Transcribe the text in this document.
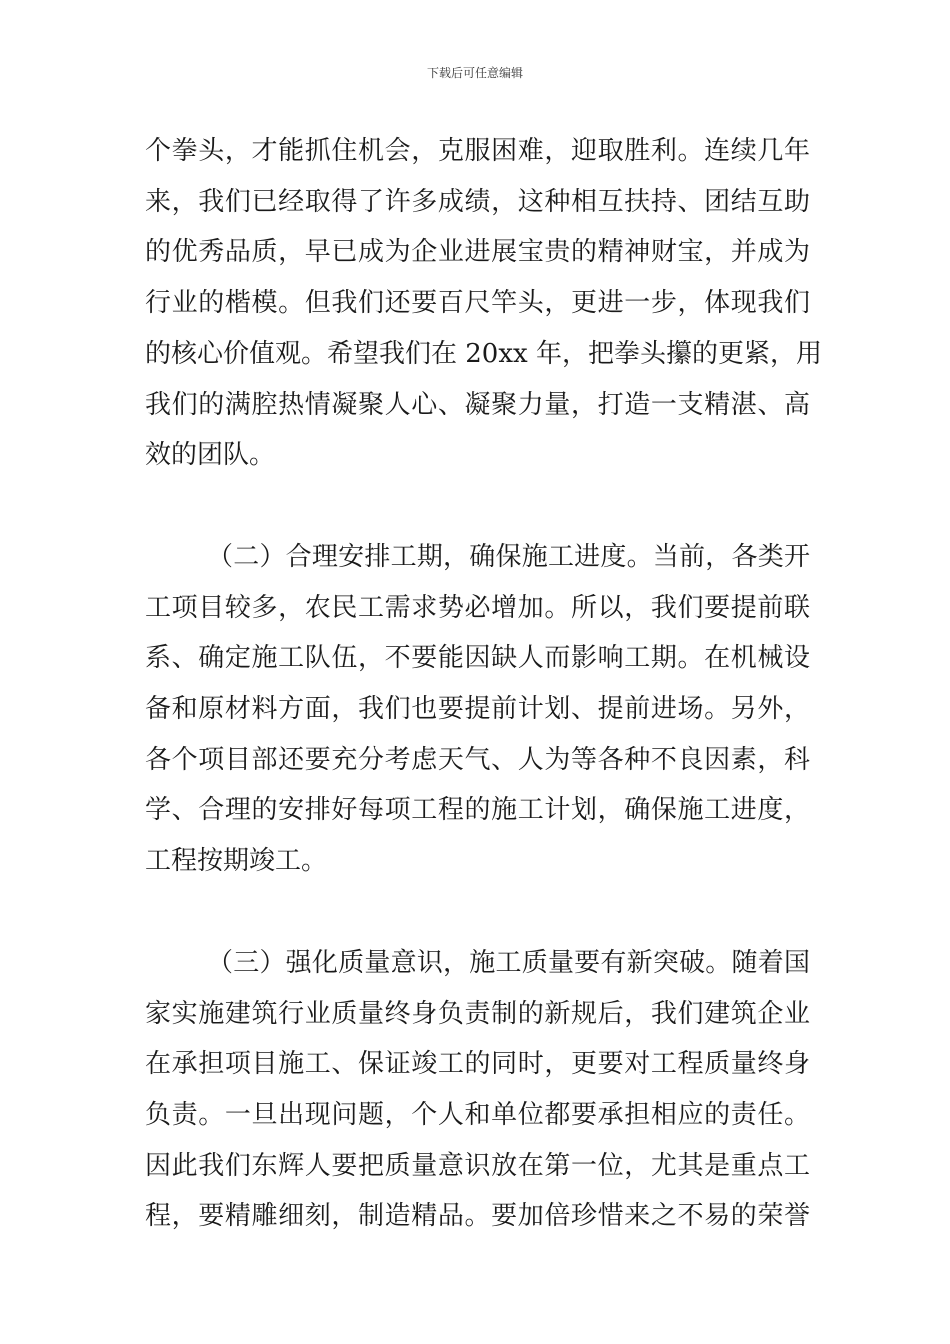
下载后可任意编辑

个拳头，才能抓住机会，克服困难，迎取胜利。连续几年
来，我们已经取得了许多成绩，这种相互扶持、团结互助
的优秀品质，早已成为企业进展宝贵的精神财宝，并成为
行业的楷模。但我们还要百尺竿头，更进一步，体现我们
的核心价值观。希望我们在 20xx 年，把拳头攥的更紧，用
我们的满腔热情凝聚人心、凝聚力量，打造一支精湛、高
效的团队。

（二）合理安排工期，确保施工进度。当前，各类开
工项目较多，农民工需求势必增加。所以，我们要提前联
系、确定施工队伍，不要能因缺人而影响工期。在机械设
备和原材料方面，我们也要提前计划、提前进场。另外，
各个项目部还要充分考虑天气、人为等各种不良因素，科
学、合理的安排好每项工程的施工计划，确保施工进度，
工程按期竣工。

（三）强化质量意识，施工质量要有新突破。随着国
家实施建筑行业质量终身负责制的新规后，我们建筑企业
在承担项目施工、保证竣工的同时，更要对工程质量终身
负责。一旦出现问题，个人和单位都要承担相应的责任。
因此我们东辉人要把质量意识放在第一位，尤其是重点工
程，要精雕细刻，制造精品。要加倍珍惜来之不易的荣誉
